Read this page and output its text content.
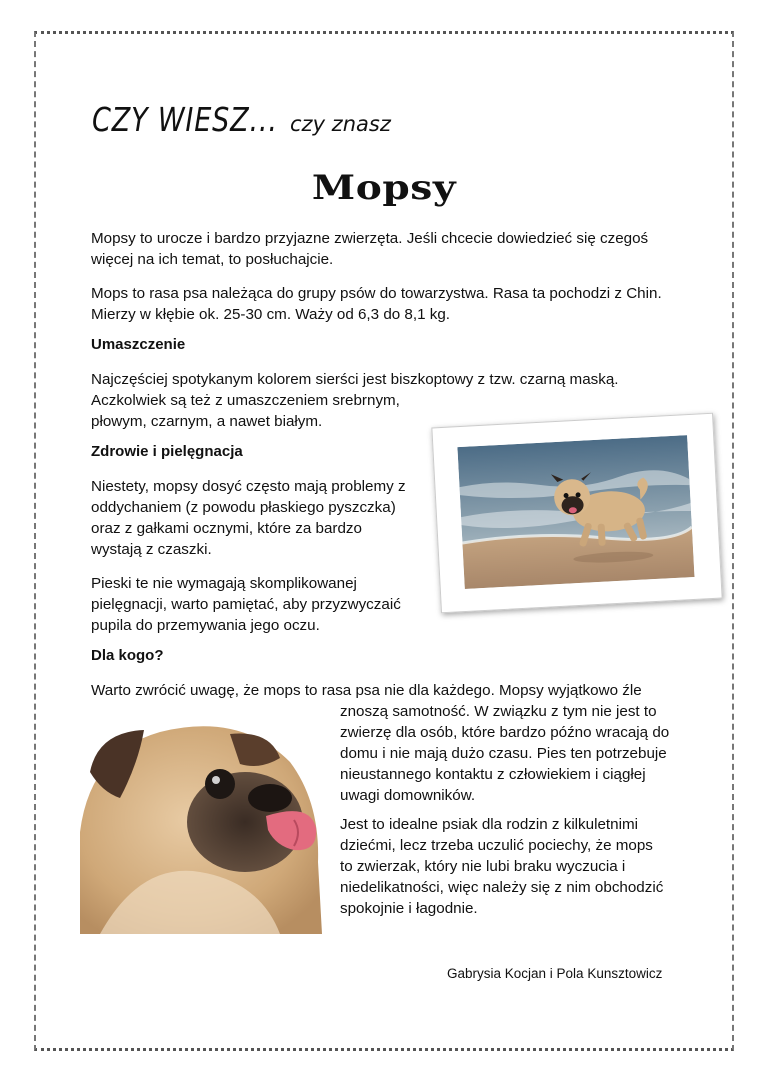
CZY WIESZ... czy znasz
Mopsy

Mopsy to urocze i bardzo przyjazne zwierzęta. Jeśli chcecie dowiedzieć się czegoś

więcej na ich temat, to posłuchajcie.

Mops to rasa psa należąca do grupy psów do towarzystwa. Rasa ta pochodzi z Chin.

Mierzy w kłębie ok. 25-30 cm. Waży od 6,3 do 8,1 kg.

Umaszczenie

Najczęściej spotykanym kolorem sierści jest biszkoptowy z tzw. czarną maską.

Aczkolwiek są też z umaszczeniem srebrnym,

płowym, czarnym, a nawet białym.

Zdrowie i pielęgnacja

Niestety, mopsy dosyć często mają problemy z

oddychaniem (z powodu płaskiego pyszczka)

oraz z gałkami ocznymi, które za bardzo

wystają z czaszki.

Pieski te nie wymagają skomplikowanej

pielęgnacji, warto pamiętać, aby przyzwyczaić

pupila do przemywania jego oczu.

Dla kogo?

Warto zwrócić uwagę, że mops to rasa psa nie dla każdego. Mopsy wyjątkowo źle

znoszą samotność. W związku z tym nie jest to

zwierzę dla osób, które bardzo późno wracają do

domu i nie mają dużo czasu. Pies ten potrzebuje

nieustannego kontaktu z człowiekiem i ciągłej

uwagi domowników.

Jest to idealne psiak dla rodzin z kilkuletnimi

dziećmi, lecz trzeba uczulić pociechy, że mops

to zwierzak, który nie lubi braku wyczucia i

niedelikatności, więc należy się z nim obchodzić

spokojnie i łagodnie.

Gabrysia Kocjan i Pola Kunsztowicz
